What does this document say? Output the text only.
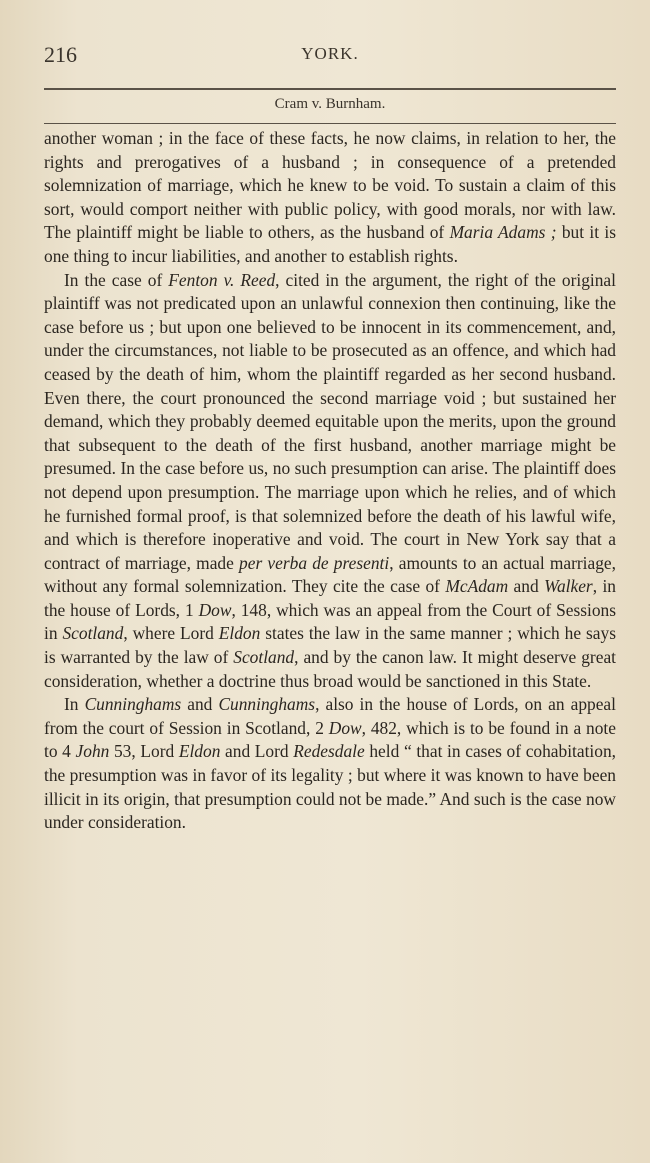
216	YORK.
Cram v. Burnham.

another woman ; in the face of these facts, he now claims, in relation to her, the rights and prerogatives of a husband ; in consequence of a pretended solemnization of marriage, which he knew to be void. To sustain a claim of this sort, would comport neither with public policy, with good morals, nor with law. The plaintiff might be liable to others, as the husband of Maria Adams ; but it is one thing to incur liabilities, and another to establish rights.

In the case of Fenton v. Reed, cited in the argument, the right of the original plaintiff was not predicated upon an unlawful connexion then continuing, like the case before us ; but upon one believed to be innocent in its commencement, and, under the circumstances, not liable to be prosecuted as an offence, and which had ceased by the death of him, whom the plaintiff regarded as her second husband. Even there, the court pronounced the second marriage void ; but sustained her demand, which they probably deemed equitable upon the merits, upon the ground that subsequent to the death of the first husband, another marriage might be presumed. In the case before us, no such presumption can arise. The plaintiff does not depend upon presumption. The marriage upon which he relies, and of which he furnished formal proof, is that solemnized before the death of his lawful wife, and which is therefore inoperative and void. The court in New York say that a contract of marriage, made per verba de presenti, amounts to an actual marriage, without any formal solemnization. They cite the case of McAdam and Walker, in the house of Lords, 1 Dow, 148, which was an appeal from the Court of Sessions in Scotland, where Lord Eldon states the law in the same manner ; which he says is warranted by the law of Scotland, and by the canon law. It might deserve great consideration, whether a doctrine thus broad would be sanctioned in this State.

In Cunninghams and Cunninghams, also in the house of Lords, on an appeal from the court of Session in Scotland, 2 Dow, 482, which is to be found in a note to 4 John 53, Lord Eldon and Lord Redesdale held “ that in cases of cohabitation, the presumption was in favor of its legality ; but where it was known to have been illicit in its origin, that presumption could not be made.” And such is the case now under consideration.
